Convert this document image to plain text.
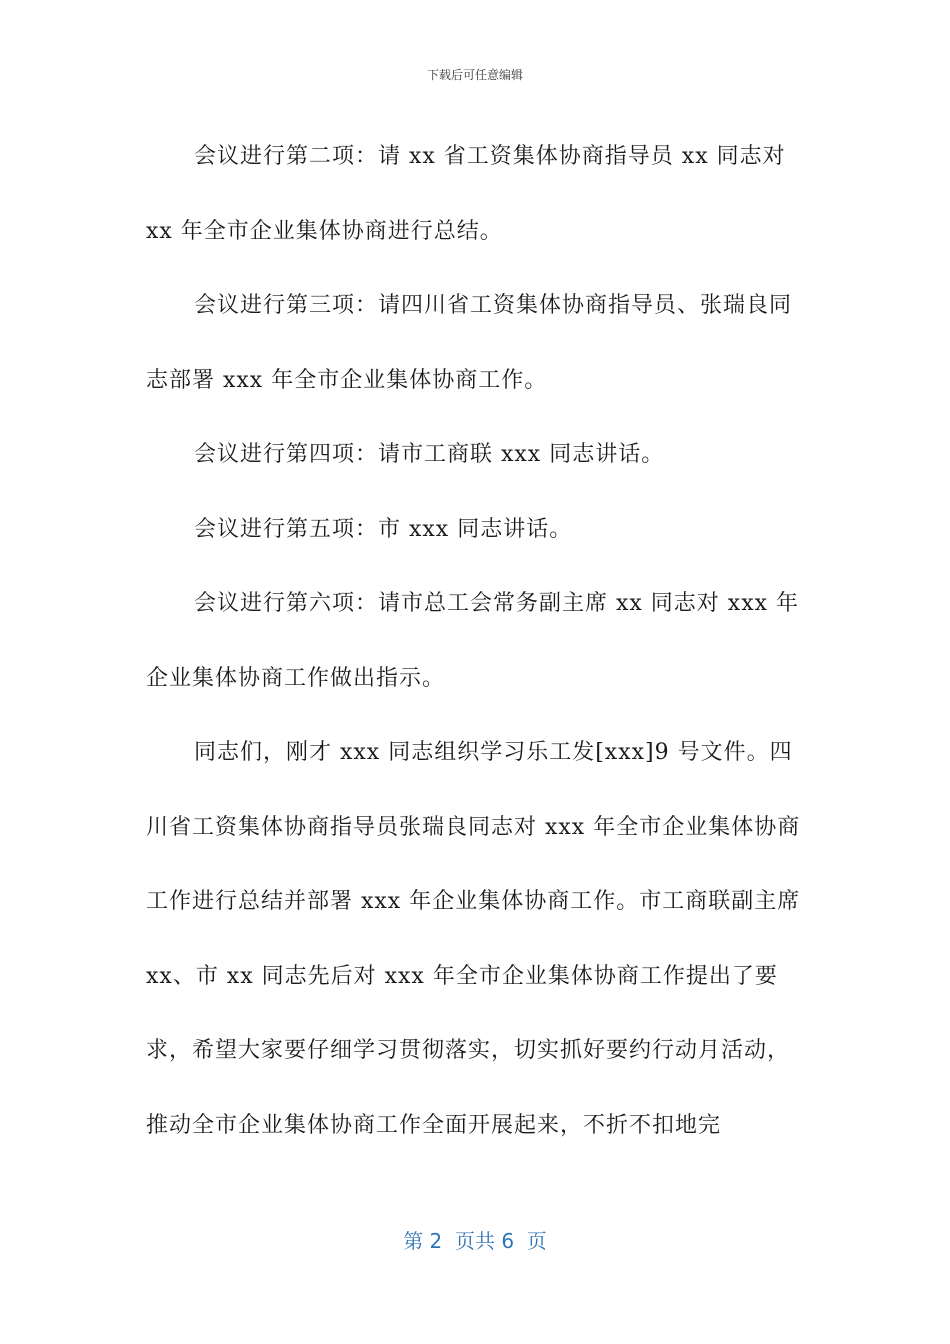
下载后可任意编辑

会议进行第二项：请 xx 省工资集体协商指导员 xx 同志对 xx 年全市企业集体协商进行总结。

会议进行第三项：请四川省工资集体协商指导员、张瑞良同志部署 xxx 年全市企业集体协商工作。

会议进行第四项：请市工商联 xxx 同志讲话。

会议进行第五项：市 xxx 同志讲话。

会议进行第六项：请市总工会常务副主席 xx 同志对 xxx 年企业集体协商工作做出指示。

同志们，刚才 xxx 同志组织学习乐工发[xxx]9 号文件。四川省工资集体协商指导员张瑞良同志对 xxx 年全市企业集体协商工作进行总结并部署 xxx 年企业集体协商工作。市工商联副主席 xx、市 xx 同志先后对 xxx 年全市企业集体协商工作提出了要求，希望大家要仔细学习贯彻落实，切实抓好要约行动月活动，推动全市企业集体协商工作全面开展起来，不折不扣地完

第 2  页共 6  页
